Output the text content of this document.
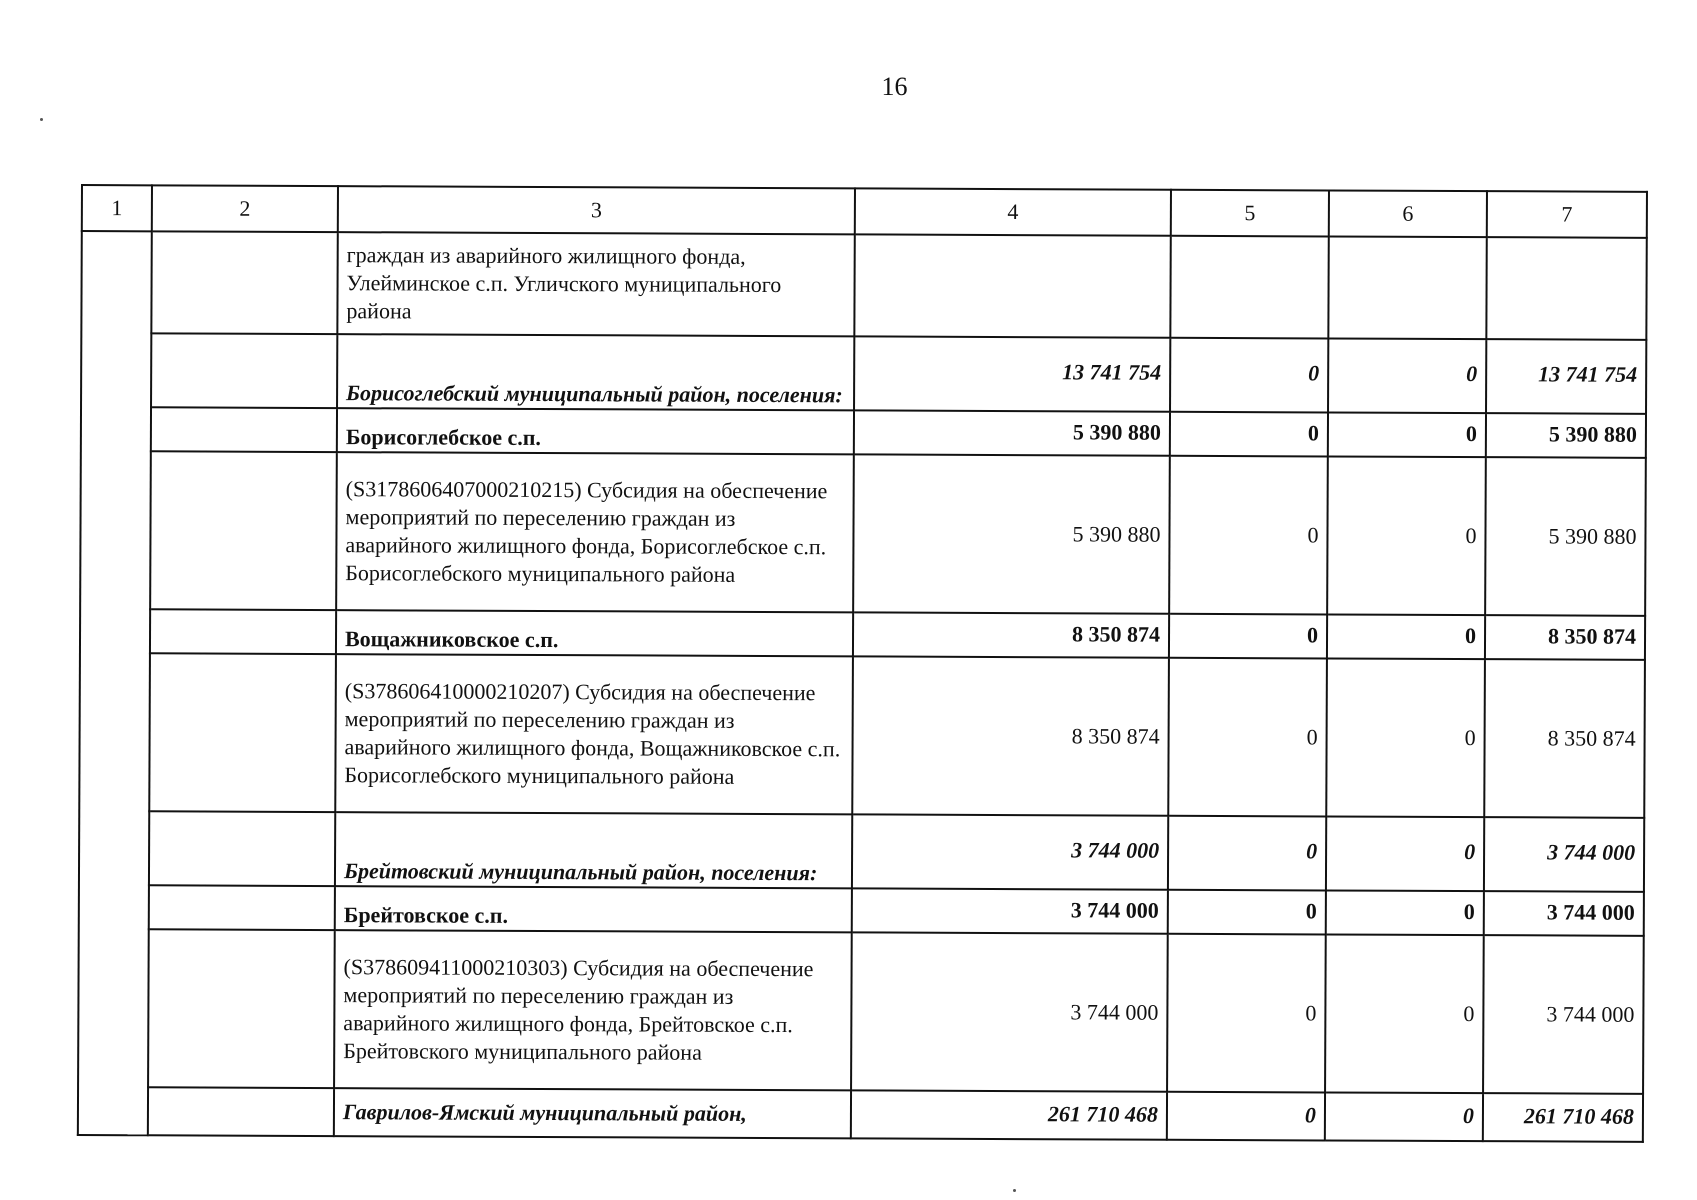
16
1	2	3	4	5	6	7
		граждан из аварийного жилищного фонда, Улейминское с.п. Угличского муниципального района				
		Борисоглебский муниципальный район, поселения:	13 741 754	0	0	13 741 754
		Борисоглебское с.п.	5 390 880	0	0	5 390 880
		(S3178606407000210215) Субсидия на обеспечение мероприятий по переселению граждан из аварийного жилищного фонда, Борисоглебское с.п. Борисоглебского муниципального района	5 390 880	0	0	5 390 880
		Вощажниковское с.п.	8 350 874	0	0	8 350 874
		(S378606410000210207) Субсидия на обеспечение мероприятий по переселению граждан из аварийного жилищного фонда, Вощажниковское с.п. Борисоглебского муниципального района	8 350 874	0	0	8 350 874
		Брейтовский муниципальный район, поселения:	3 744 000	0	0	3 744 000
		Брейтовское с.п.	3 744 000	0	0	3 744 000
		(S378609411000210303) Субсидия на обеспечение мероприятий по переселению граждан из аварийного жилищного фонда, Брейтовское с.п. Брейтовского муниципального района	3 744 000	0	0	3 744 000
		Гаврилов-Ямский муниципальный район,	261 710 468	0	0	261 710 468
